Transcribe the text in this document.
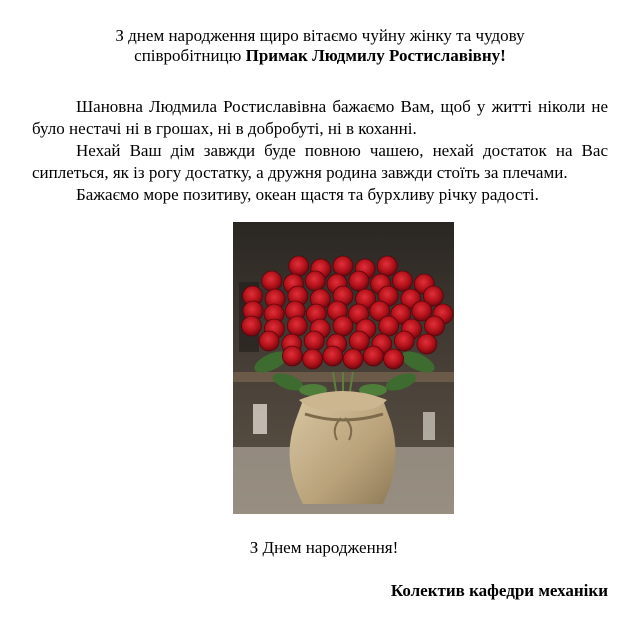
З днем народження щиро вітаємо чуйну жінку та чудову
співробітницю Примак Людмилу Ростиславівну!

Шановна Людмила Ростиславівна бажаємо Вам, щоб у житті ніколи не було нестачі ні в грошах, ні в добробуті, ні в коханні.

Нехай Ваш дім завжди буде повною чашею, нехай достаток на Вас сиплеться, як із рогу достатку, а дружня родина завжди стоїть за плечами.

Бажаємо море позитиву, океан щастя та бурхливу річку радості.

З Днем народження!
Колектив кафедри механіки
